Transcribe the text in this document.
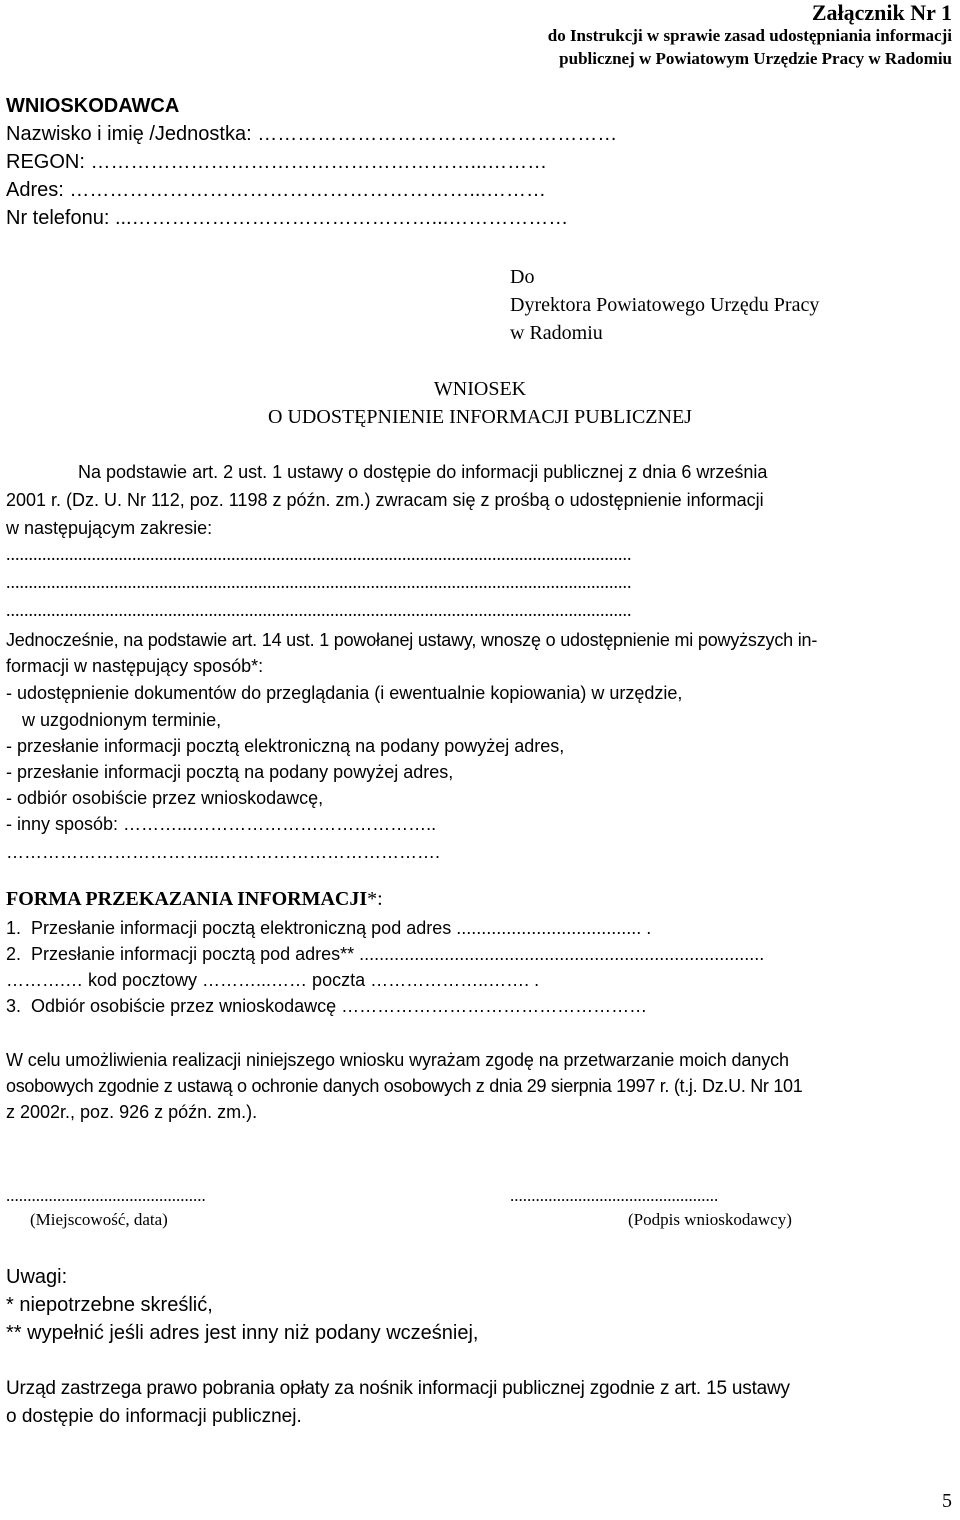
Załącznik Nr 1
do Instrukcji w sprawie zasad udostępniania informacji
publicznej w Powiatowym Urzędzie Pracy w Radomiu
WNIOSKODAWCA
Nazwisko i imię /Jednostka: ………………………………………………
REGON: …………………………………………………...………
Adres: ……………………………………………………...………
Nr telefonu: ...………………………………………...………………
Do
Dyrektora Powiatowego Urzędu Pracy
w Radomiu
WNIOSEK
O UDOSTĘPNIENIE INFORMACJI PUBLICZNEJ
Na podstawie art. 2 ust. 1 ustawy o dostępie do informacji publicznej z dnia 6 września
2001 r. (Dz. U. Nr 112, poz. 1198 z późn. zm.) zwracam się z prośbą o udostępnienie informacji
w następującym zakresie:
...........................................................................................................................................
...........................................................................................................................................
...........................................................................................................................................
Jednocześnie, na podstawie art. 14 ust. 1 powołanej ustawy, wnoszę o udostępnienie mi powyższych in-
formacji w następujący sposób*:
- udostępnienie dokumentów do przeglądania (i ewentualnie kopiowania) w urzędzie,
w uzgodnionym terminie,
- przesłanie informacji pocztą elektroniczną na podany powyżej adres,
- przesłanie informacji pocztą na podany powyżej adres,
- odbiór osobiście przez wnioskodawcę,
- inny sposób: ………...…………………………………..
……………………………...……………………………….
FORMA PRZEKAZANIA INFORMACJI*:
1.  Przesłanie informacji pocztą elektroniczną pod adres ..................................... .
2.  Przesłanie informacji pocztą pod adres** .................................................................................
……….… kod pocztowy ………...…… poczta ………………..……. .
3.  Odbiór osobiście przez wnioskodawcę ……………………………………………
W celu umożliwienia realizacji niniejszego wniosku wyrażam zgodę na przetwarzanie moich danych
osobowych zgodnie z ustawą o ochronie danych osobowych z dnia 29 sierpnia 1997 r. (t.j. Dz.U. Nr 101
z 2002r., poz. 926 z późn. zm.).
...............................................	.................................................
(Miejscowość, data)	(Podpis wnioskodawcy)
Uwagi:
* niepotrzebne skreślić,
** wypełnić jeśli adres jest inny niż podany wcześniej,
Urząd zastrzega prawo pobrania opłaty za nośnik informacji publicznej zgodnie z art. 15 ustawy
o dostępie do informacji publicznej.
5
